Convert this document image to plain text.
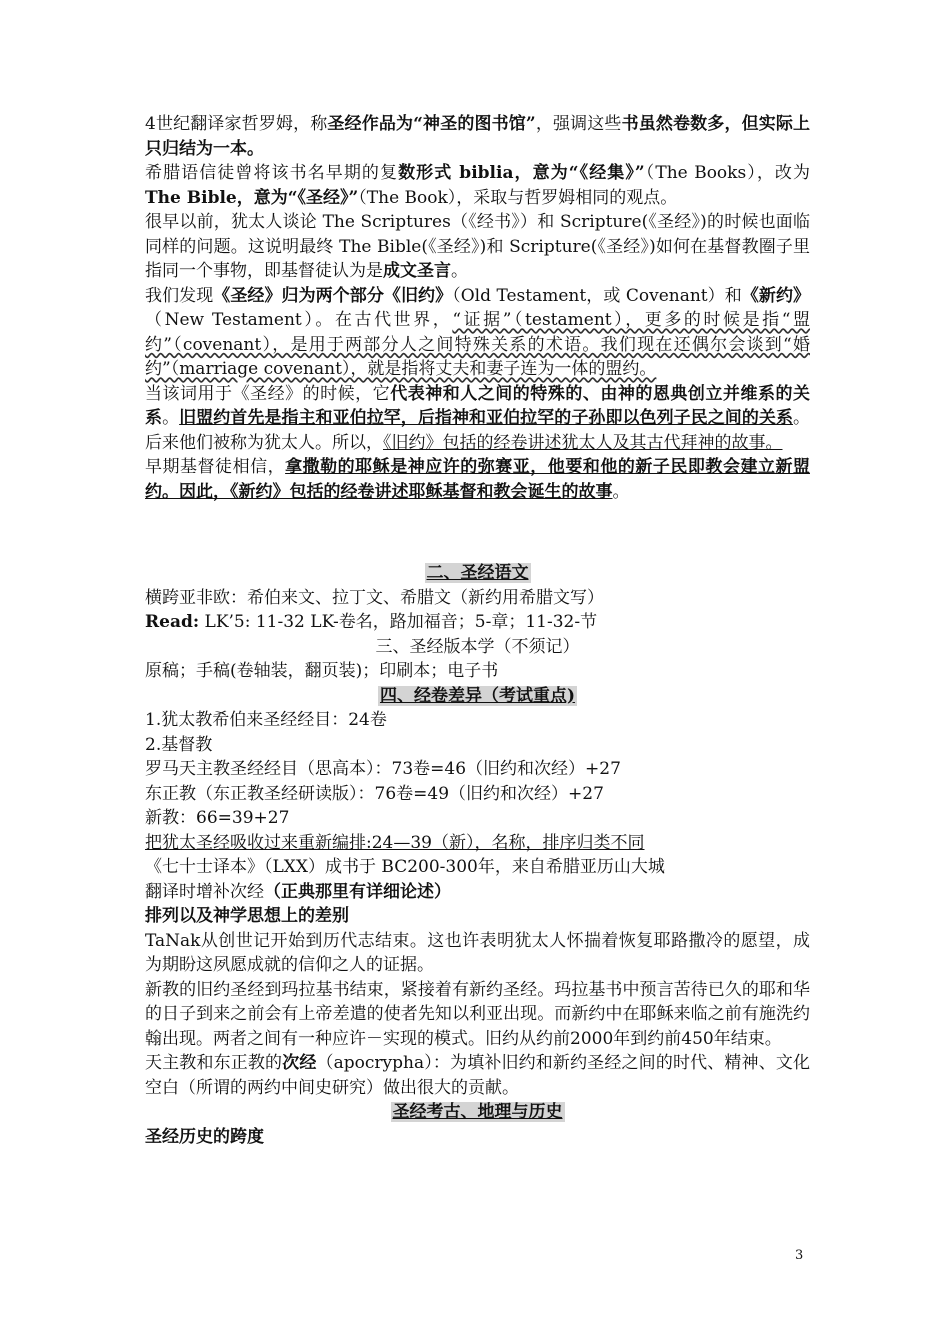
4世纪翻译家哲罗姆，称圣经作品为“神圣的图书馆”，强调这些书虽然卷数多，但实际上只归结为一本。

希腊语信徒曾将该书名早期的复数形式 biblia，意为“《经集》”（The Books），改为 The Bible，意为“《圣经》”（The Book），采取与哲罗姆相同的观点。

很早以前，犹太人谈论 The Scriptures（《经书》）和 Scripture(《圣经》)的时候也面临同样的问题。这说明最终 The Bible(《圣经》)和 Scripture(《圣经》)如何在基督教圈子里指同一个事物，即基督徒认为是成文圣言。

我们发现《圣经》归为两个部分《旧约》（Old Testament，或 Covenant）和《新约》（New Testament）。在古代世界，“证据”（testament），更多的时候是指“盟约”（covenant），是用于两部分人之间特殊关系的术语。我们现在还偶尔会谈到“婚约”（marriage covenant），就是指将丈夫和妻子连为一体的盟约。

当该词用于《圣经》的时候，它代表神和人之间的特殊的、由神的恩典创立并维系的关系。旧盟约首先是指主和亚伯拉罕，后指神和亚伯拉罕的子孙即以色列子民之间的关系。后来他们被称为犹太人。所以，《旧约》包括的经卷讲述犹太人及其古代拜神的故事。

早期基督徒相信，拿撒勒的耶稣是神应许的弥赛亚，他要和他的新子民即教会建立新盟约。因此，《新约》包括的经卷讲述耶稣基督和教会诞生的故事。

二、圣经语文

横跨亚非欧：希伯来文、拉丁文、希腊文（新约用希腊文写）

Read: LK’5: 11-32 LK-卷名，路加福音；5-章；11-32-节

三、圣经版本学（不须记）

原稿；手稿(卷轴装，翻页装)；印刷本；电子书

四、经卷差异（考试重点)

1.犹太教希伯来圣经经目：24卷

2.基督教

罗马天主教圣经经目（思高本）：73卷=46（旧约和次经）+27

东正教（东正教圣经研读版）：76卷=49（旧约和次经）+27

新教：66=39+27

把犹太圣经吸收过来重新编排:24—39（新），名称，排序归类不同

《七十士译本》（LXX）成书于 BC200-300年，来自希腊亚历山大城

翻译时增补次经（正典那里有详细论述）

排列以及神学思想上的差别

TaNak从创世记开始到历代志结束。这也许表明犹太人怀揣着恢复耶路撒冷的愿望，成为期盼这夙愿成就的信仰之人的证据。

新教的旧约圣经到玛拉基书结束，紧接着有新约圣经。玛拉基书中预言苦待已久的耶和华的日子到来之前会有上帝差遣的使者先知以利亚出现。而新约中在耶稣来临之前有施洗约翰出现。两者之间有一种应许－实现的模式。旧约从约前2000年到约前450年结束。

天主教和东正教的次经（apocrypha）：为填补旧约和新约圣经之间的时代、精神、文化空白（所谓的两约中间史研究）做出很大的贡献。

圣经考古、地理与历史

圣经历史的跨度

3
